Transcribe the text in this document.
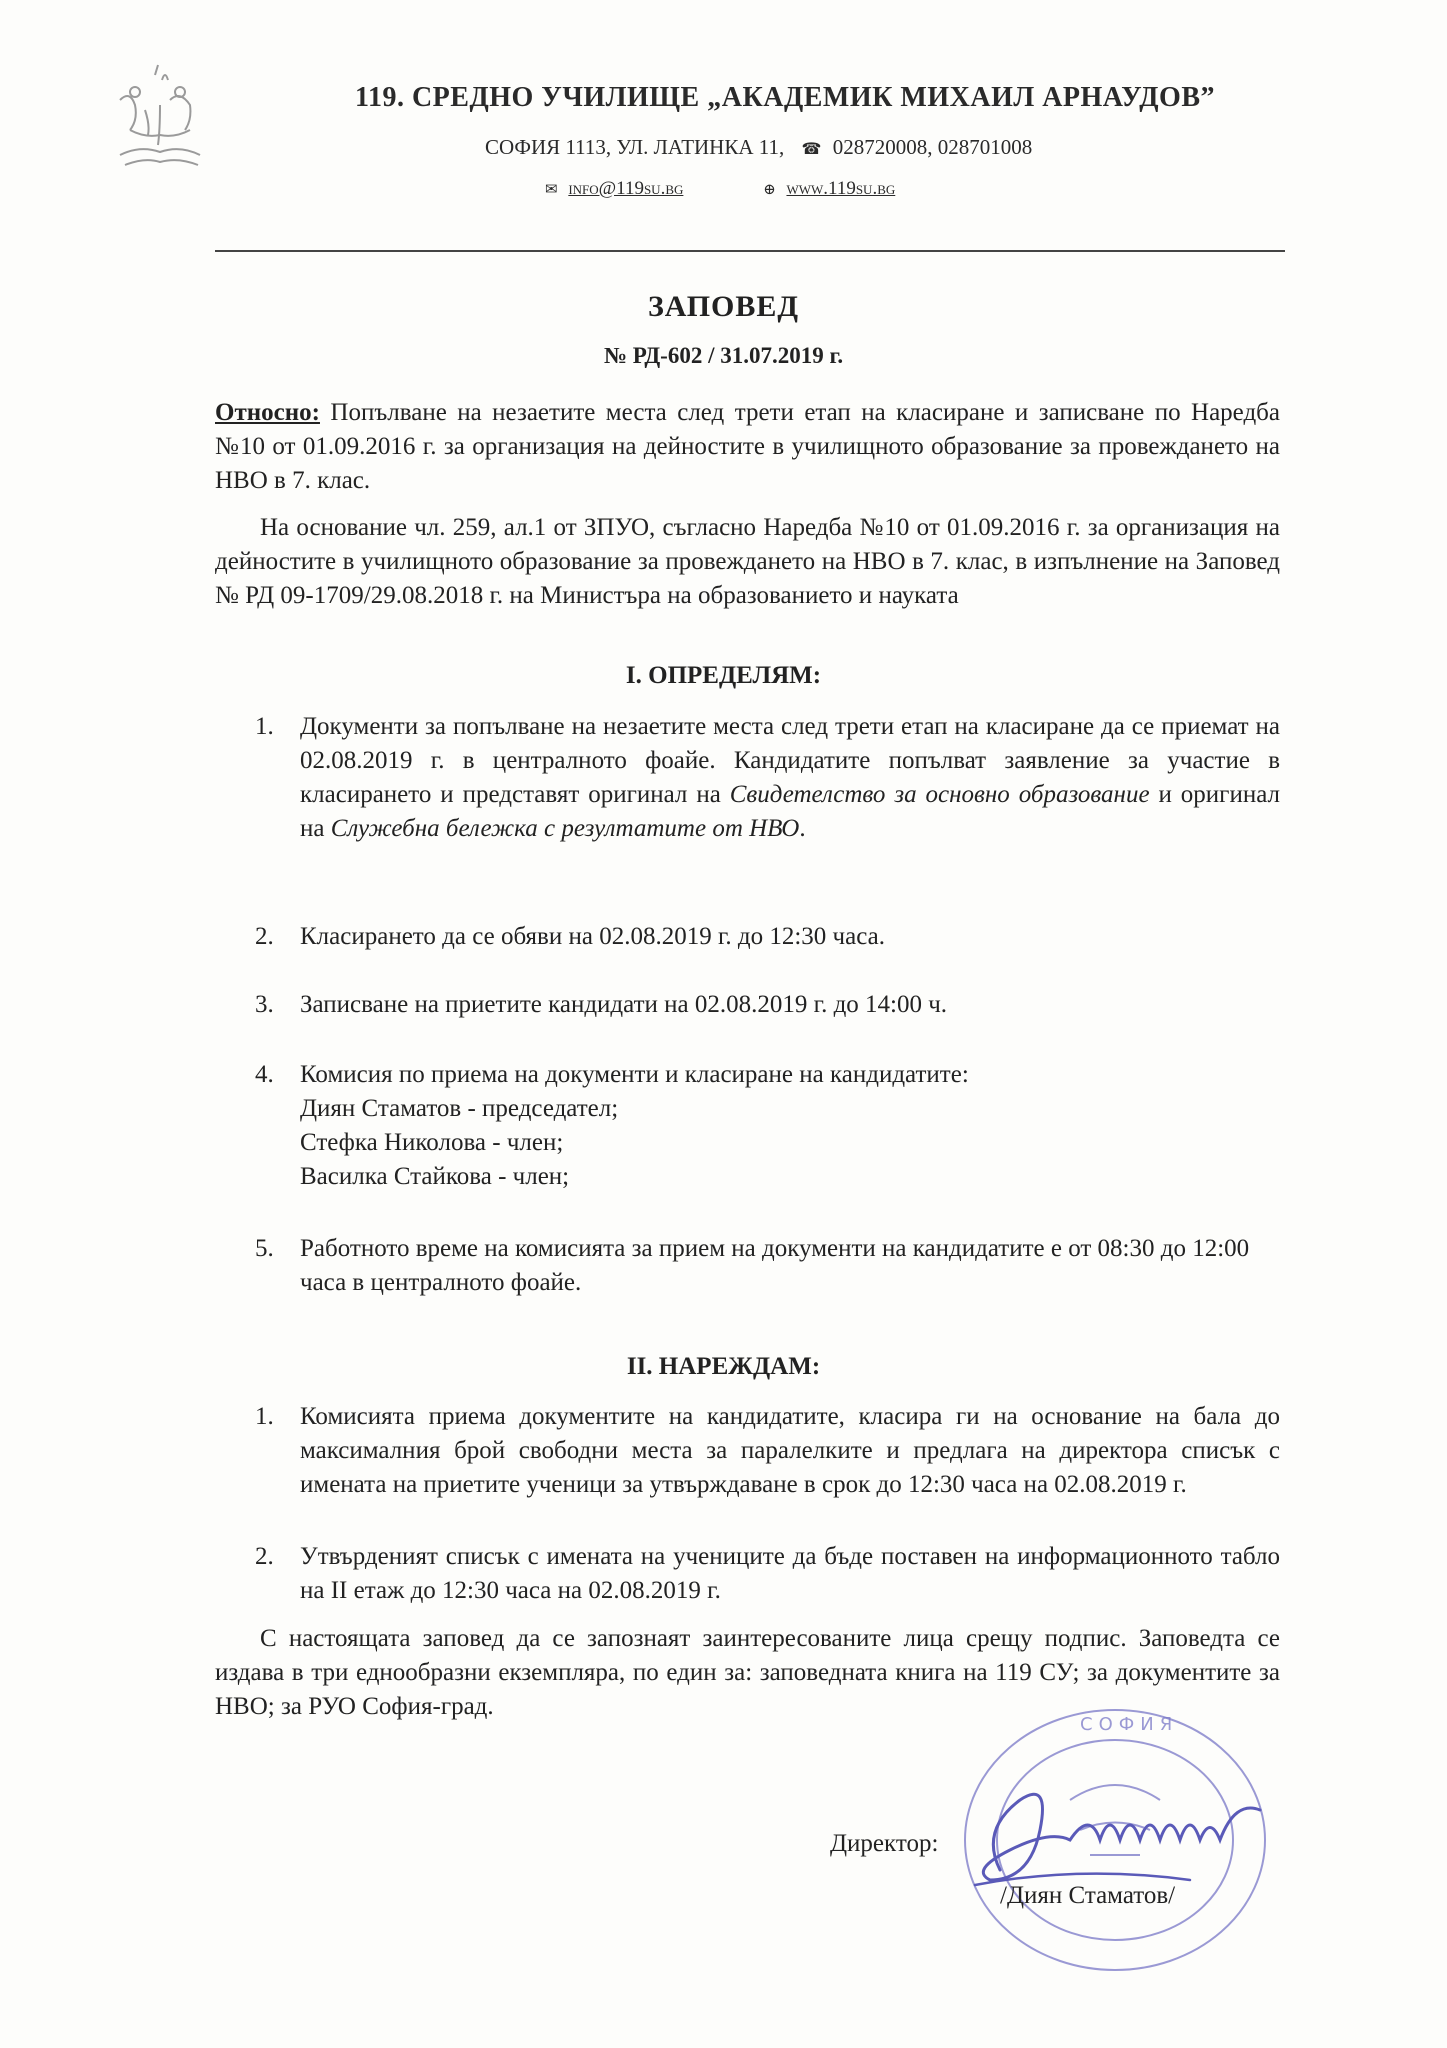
119. СРЕДНО УЧИЛИЩЕ „АКАДЕМИК МИХАИЛ АРНАУДОВ”
СОФИЯ 1113, УЛ. ЛАТИНКА 11, ☎ 028720008, 028701008
✉ info@119su.bg	⊕ www.119su.bg
ЗАПОВЕД
№ РД-602 / 31.07.2019 г.
Относно: Попълване на незаетите места след трети етап на класиране и записване по Наредба №10 от 01.09.2016 г. за организация на дейностите в училищното образование за провеждането на НВО в 7. клас.
На основание чл. 259, ал.1 от ЗПУО, съгласно Наредба №10 от 01.09.2016 г. за организация на дейностите в училищното образование за провеждането на НВО в 7. клас, в изпълнение на Заповед № РД 09-1709/29.08.2018 г. на Министъра на образованието и науката
I. ОПРЕДЕЛЯМ:
1. Документи за попълване на незаетите места след трети етап на класиране да се приемат на 02.08.2019 г. в централното фоайе. Кандидатите попълват заявление за участие в класирането и представят оригинал на Свидетелство за основно образование и оригинал на Служебна бележка с резултатите от НВО.
2. Класирането да се обяви на 02.08.2019 г. до 12:30 часа.
3. Записване на приетите кандидати на 02.08.2019 г. до 14:00 ч.
4. Комисия по приема на документи и класиране на кандидатите:
Диян Стаматов - председател;
Стефка Николова - член;
Василка Стайкова - член;
5. Работното време на комисията за прием на документи на кандидатите е от 08:30 до 12:00 часа в централното фоайе.
II. НАРЕЖДАМ:
1. Комисията приема документите на кандидатите, класира ги на основание на бала до максималния брой свободни места за паралелките и предлага на директора списък с имената на приетите ученици за утвърждаване в срок до 12:30 часа на 02.08.2019 г.
2. Утвърденият списък с имената на учениците да бъде поставен на информационното табло на II етаж до 12:30 часа на 02.08.2019 г.
С настоящата заповед да се запознаят заинтересованите лица срещу подпис. Заповедта се издава в три еднообразни екземпляра, по един за: заповедната книга на 119 СУ; за документите за НВО; за РУО София-град.
СОФИЯ
Директор:
/Диян Стаматов/
